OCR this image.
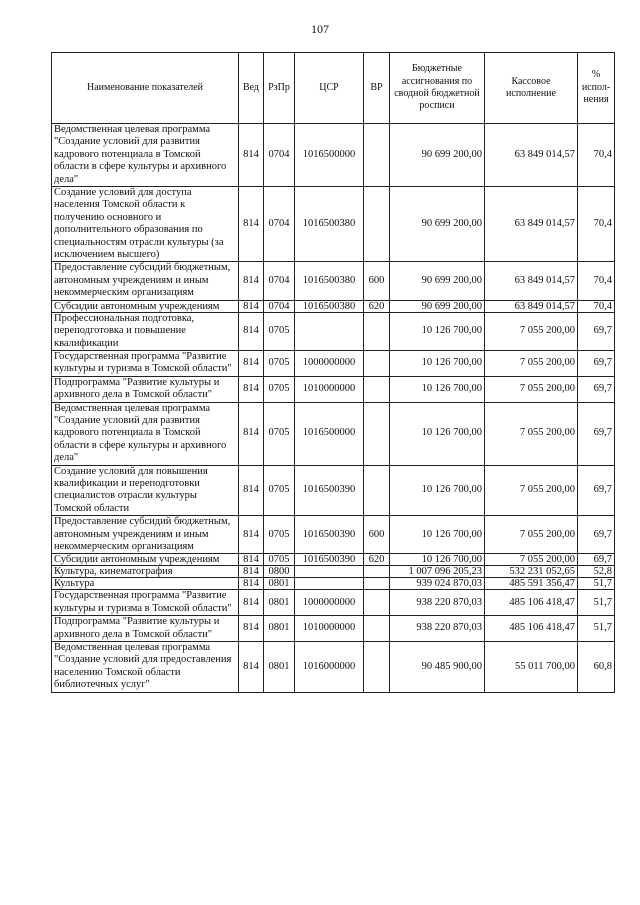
107
Наименование показателей	Вед	РзПр	ЦСР	ВР	Бюджетные ассигнования по сводной бюджетной росписи	Кассовое исполнение	% испол-нения
Ведомственная целевая программа "Создание условий для развития кадрового потенциала в Томской области в сфере культуры и архивного дела"	814	0704	1016500000		90 699 200,00	63 849 014,57	70,4
Создание условий для доступа населения Томской области к получению основного и дополнительного образования по специальностям отрасли культуры (за исключением высшего)	814	0704	1016500380		90 699 200,00	63 849 014,57	70,4
Предоставление субсидий бюджетным, автономным учреждениям и иным некоммерческим организациям	814	0704	1016500380	600	90 699 200,00	63 849 014,57	70,4
Субсидии автономным учреждениям	814	0704	1016500380	620	90 699 200,00	63 849 014,57	70,4
Профессиональная подготовка, переподготовка и повышение квалификации	814	0705			10 126 700,00	7 055 200,00	69,7
Государственная программа "Развитие культуры и туризма в Томской области"	814	0705	1000000000		10 126 700,00	7 055 200,00	69,7
Подпрограмма "Развитие культуры и архивного дела в Томской области"	814	0705	1010000000		10 126 700,00	7 055 200,00	69,7
Ведомственная целевая программа "Создание условий для развития кадрового потенциала в Томской области в сфере культуры и архивного дела"	814	0705	1016500000		10 126 700,00	7 055 200,00	69,7
Создание условий для повышения квалификации и переподготовки специалистов отрасли культуры Томской области	814	0705	1016500390		10 126 700,00	7 055 200,00	69,7
Предоставление субсидий бюджетным, автономным учреждениям и иным некоммерческим организациям	814	0705	1016500390	600	10 126 700,00	7 055 200,00	69,7
Субсидии автономным учреждениям	814	0705	1016500390	620	10 126 700,00	7 055 200,00	69,7
Культура, кинематография	814	0800			1 007 096 205,23	532 231 052,65	52,8
Культура	814	0801			939 024 870,03	485 591 356,47	51,7
Государственная программа "Развитие культуры и туризма в Томской области"	814	0801	1000000000		938 220 870,03	485 106 418,47	51,7
Подпрограмма "Развитие культуры и архивного дела в Томской области"	814	0801	1010000000		938 220 870,03	485 106 418,47	51,7
Ведомственная целевая программа "Создание условий для предоставления населению Томской области библиотечных услуг"	814	0801	1016000000		90 485 900,00	55 011 700,00	60,8
